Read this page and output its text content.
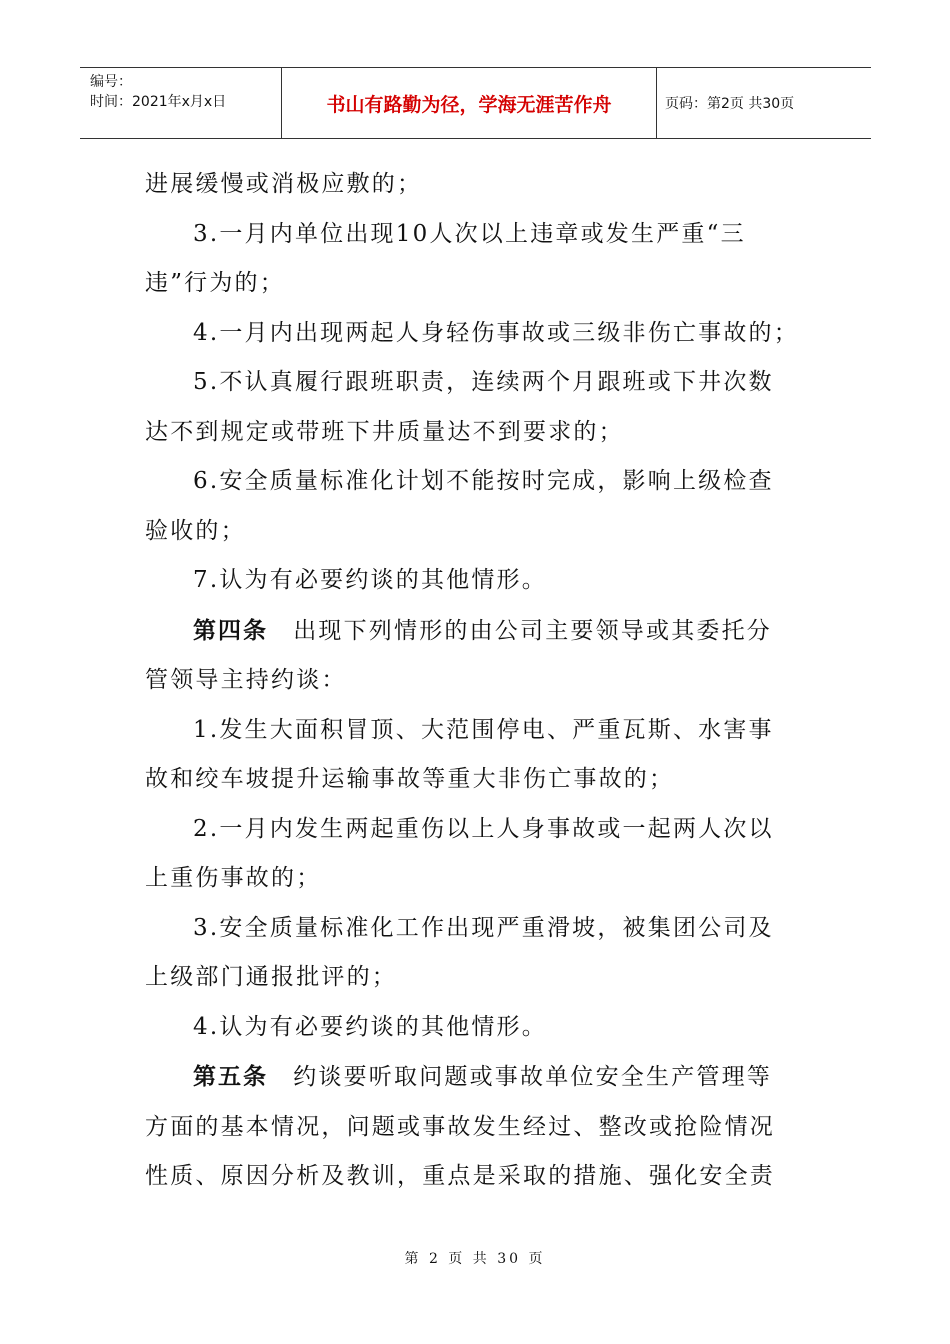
编号：
时间：2021年x月x日	书山有路勤为径，学海无涯苦作舟	页码：第2页 共30页

进展缓慢或消极应敷的；

3.一月内单位出现10人次以上违章或发生严重“三

违”行为的；

4.一月内出现两起人身轻伤事故或三级非伤亡事故的；

5.不认真履行跟班职责，连续两个月跟班或下井次数

达不到规定或带班下井质量达不到要求的；

6.安全质量标准化计划不能按时完成，影响上级检查

验收的；

7.认为有必要约谈的其他情形。

第四条　出现下列情形的由公司主要领导或其委托分

管领导主持约谈：

1.发生大面积冒顶、大范围停电、严重瓦斯、水害事

故和绞车坡提升运输事故等重大非伤亡事故的；

2.一月内发生两起重伤以上人身事故或一起两人次以

上重伤事故的；

3.安全质量标准化工作出现严重滑坡，被集团公司及

上级部门通报批评的；

4.认为有必要约谈的其他情形。

第五条　约谈要听取问题或事故单位安全生产管理等

方面的基本情况，问题或事故发生经过、整改或抢险情况

性质、原因分析及教训，重点是采取的措施、强化安全责

第 2 页 共 30 页
